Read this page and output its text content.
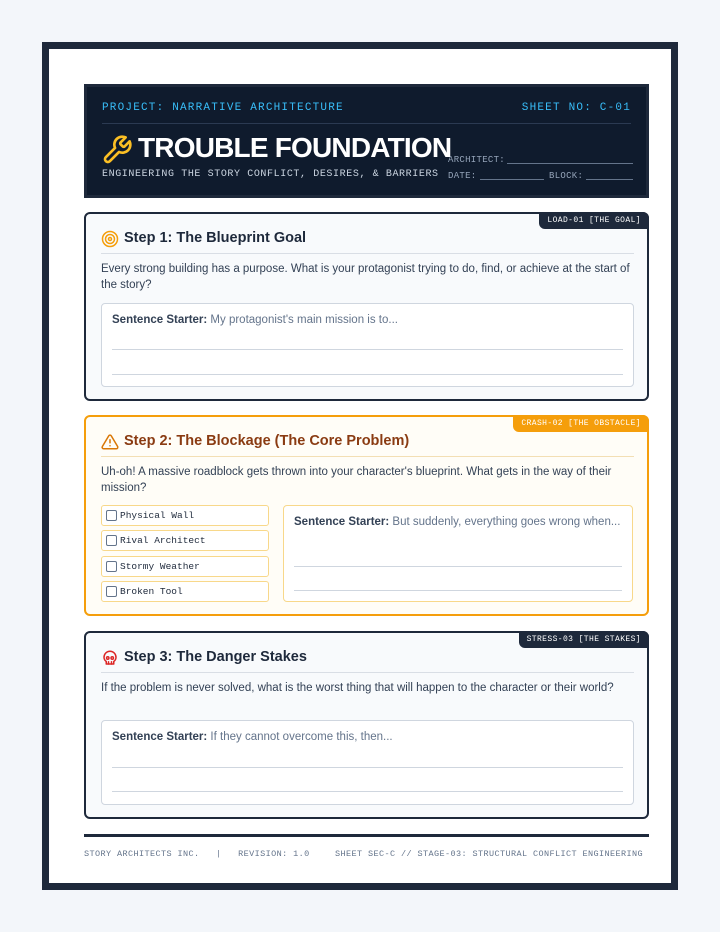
PROJECT: NARRATIVE ARCHITECTURE	SHEET NO: C-01
TROUBLE FOUNDATION
ENGINEERING THE STORY CONFLICT, DESIRES, & BARRIERS
ARCHITECT:
DATE:	BLOCK:
LOAD-01 [THE GOAL]
Step 1: The Blueprint Goal
Every strong building has a purpose. What is your protagonist trying to do, find, or achieve at the start of the story?
Sentence Starter: My protagonist's main mission is to...
CRASH-02 [THE OBSTACLE]
Step 2: The Blockage (The Core Problem)
Uh-oh! A massive roadblock gets thrown into your character's blueprint. What gets in the way of their mission?
Physical Wall
Rival Architect
Stormy Weather
Broken Tool
Sentence Starter: But suddenly, everything goes wrong when...
STRESS-03 [THE STAKES]
Step 3: The Danger Stakes
If the problem is never solved, what is the worst thing that will happen to the character or their world?
Sentence Starter: If they cannot overcome this, then...
STORY ARCHITECTS INC. | REVISION: 1.0	SHEET SEC-C // STAGE-03: STRUCTURAL CONFLICT ENGINEERING
